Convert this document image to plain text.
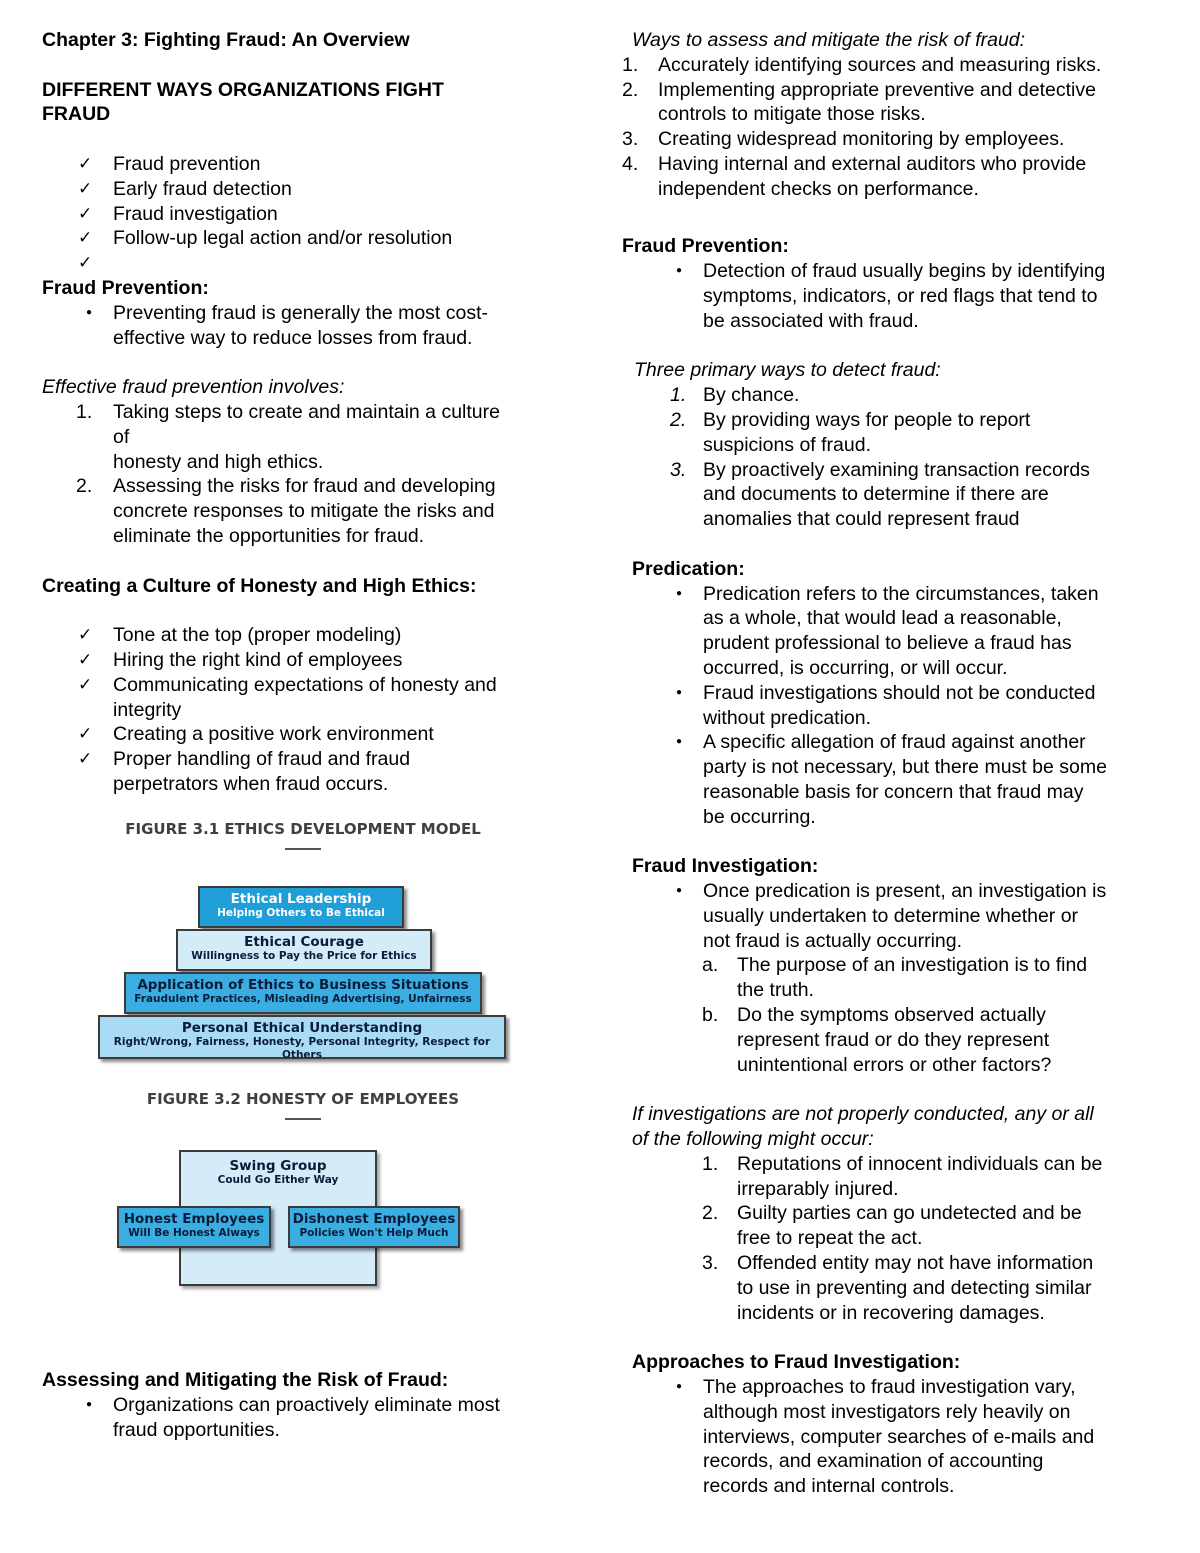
Chapter 3: Fighting Fraud: An Overview
DIFFERENT WAYS ORGANIZATIONS FIGHT
FRAUD
✓ Fraud prevention
✓ Early fraud detection
✓ Fraud investigation
✓ Follow-up legal action and/or resolution
✓
Fraud Prevention:
● Preventing fraud is generally the most cost-
effective way to reduce losses from fraud.
Effective fraud prevention involves:
1. Taking steps to create and maintain a culture
of
honesty and high ethics.
2. Assessing the risks for fraud and developing
concrete responses to mitigate the risks and
eliminate the opportunities for fraud.
Creating a Culture of Honesty and High Ethics:
✓ Tone at the top (proper modeling)
✓ Hiring the right kind of employees
✓ Communicating expectations of honesty and
integrity
✓ Creating a positive work environment
✓ Proper handling of fraud and fraud
perpetrators when fraud occurs.
FIGURE 3.1 ETHICS DEVELOPMENT MODEL
Ethical Leadership
Helping Others to Be Ethical
Ethical Courage
Willingness to Pay the Price for Ethics
Application of Ethics to Business Situations
Fraudulent Practices, Misleading Advertising, Unfairness
Personal Ethical Understanding
Right/Wrong, Fairness, Honesty, Personal Integrity, Respect for Others
FIGURE 3.2 HONESTY OF EMPLOYEES
Swing Group
Could Go Either Way
Honest Employees
Will Be Honest Always
Dishonest Employees
Policies Won't Help Much
Assessing and Mitigating the Risk of Fraud:
● Organizations can proactively eliminate most
fraud opportunities.
Ways to assess and mitigate the risk of fraud:
1. Accurately identifying sources and measuring risks.
2. Implementing appropriate preventive and detective
controls to mitigate those risks.
3. Creating widespread monitoring by employees.
4. Having internal and external auditors who provide
independent checks on performance.
Fraud Prevention:
● Detection of fraud usually begins by identifying
symptoms, indicators, or red flags that tend to
be associated with fraud.
Three primary ways to detect fraud:
1. By chance.
2. By providing ways for people to report
suspicions of fraud.
3. By proactively examining transaction records
and documents to determine if there are
anomalies that could represent fraud
Predication:
● Predication refers to the circumstances, taken
as a whole, that would lead a reasonable,
prudent professional to believe a fraud has
occurred, is occurring, or will occur.
● Fraud investigations should not be conducted
without predication.
● A specific allegation of fraud against another
party is not necessary, but there must be some
reasonable basis for concern that fraud may
be occurring.
Fraud Investigation:
● Once predication is present, an investigation is
usually undertaken to determine whether or
not fraud is actually occurring.
a. The purpose of an investigation is to find
the truth.
b. Do the symptoms observed actually
represent fraud or do they represent
unintentional errors or other factors?
If investigations are not properly conducted, any or all
of the following might occur:
1. Reputations of innocent individuals can be
irreparably injured.
2. Guilty parties can go undetected and be
free to repeat the act.
3. Offended entity may not have information
to use in preventing and detecting similar
incidents or in recovering damages.
Approaches to Fraud Investigation:
● The approaches to fraud investigation vary,
although most investigators rely heavily on
interviews, computer searches of e-mails and
records, and examination of accounting
records and internal controls.
